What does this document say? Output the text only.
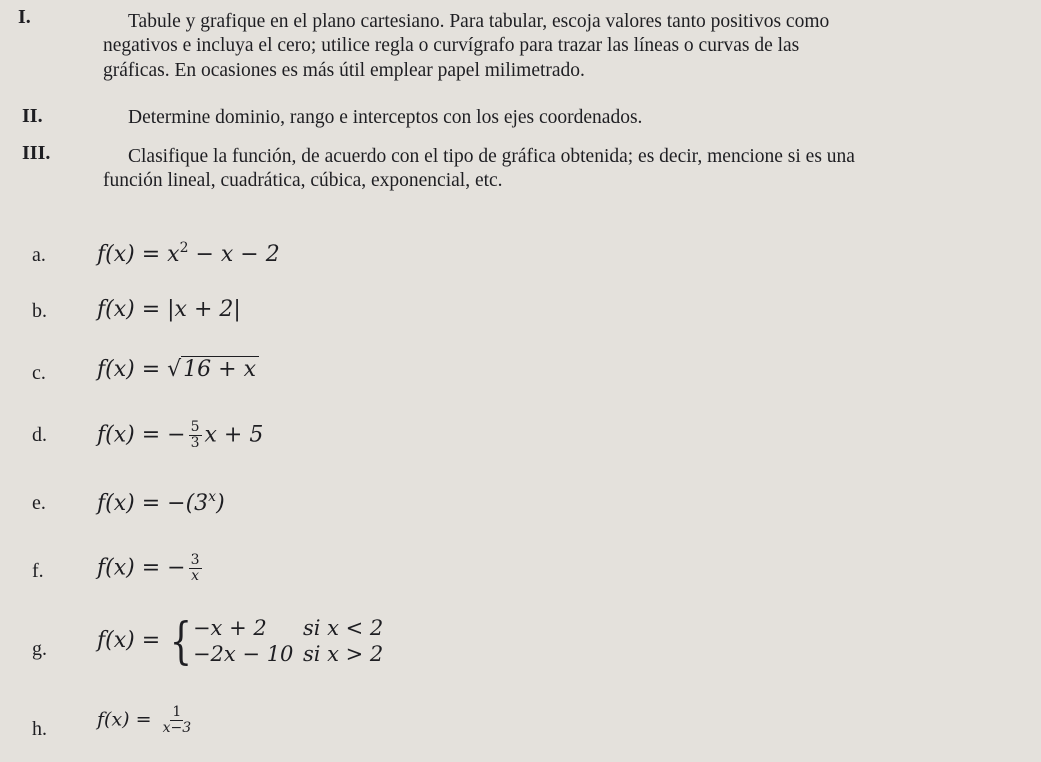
I.	Tabule y grafique en el plano cartesiano. Para tabular, escoja valores tanto positivos como
negativos e incluya el cero; utilice regla o curvígrafo para trazar las líneas o curvas de las
gráficas. En ocasiones es más útil emplear papel milimetrado.
II.	Determine dominio, rango e interceptos con los ejes coordenados.
III.	Clasifique la función, de acuerdo con el tipo de gráfica obtenida; es decir, mencione si es una
función lineal, cuadrática, cúbica, exponencial, etc.
a. $f(x) = x^2 - x - 2$
b. f(x) = |x + 2|
c. f(x) = √16 + x
d. f(x) = − $\frac{5}{3}$ x + 5
e. $f(x) = -(3^x)$
f. f(x) = − $\frac{3}{x}$
g. f(x) = { −x + 2	si x < 2
−2x − 10 si x > 2
h.	$f(x) = \frac{1}{x-3}$
